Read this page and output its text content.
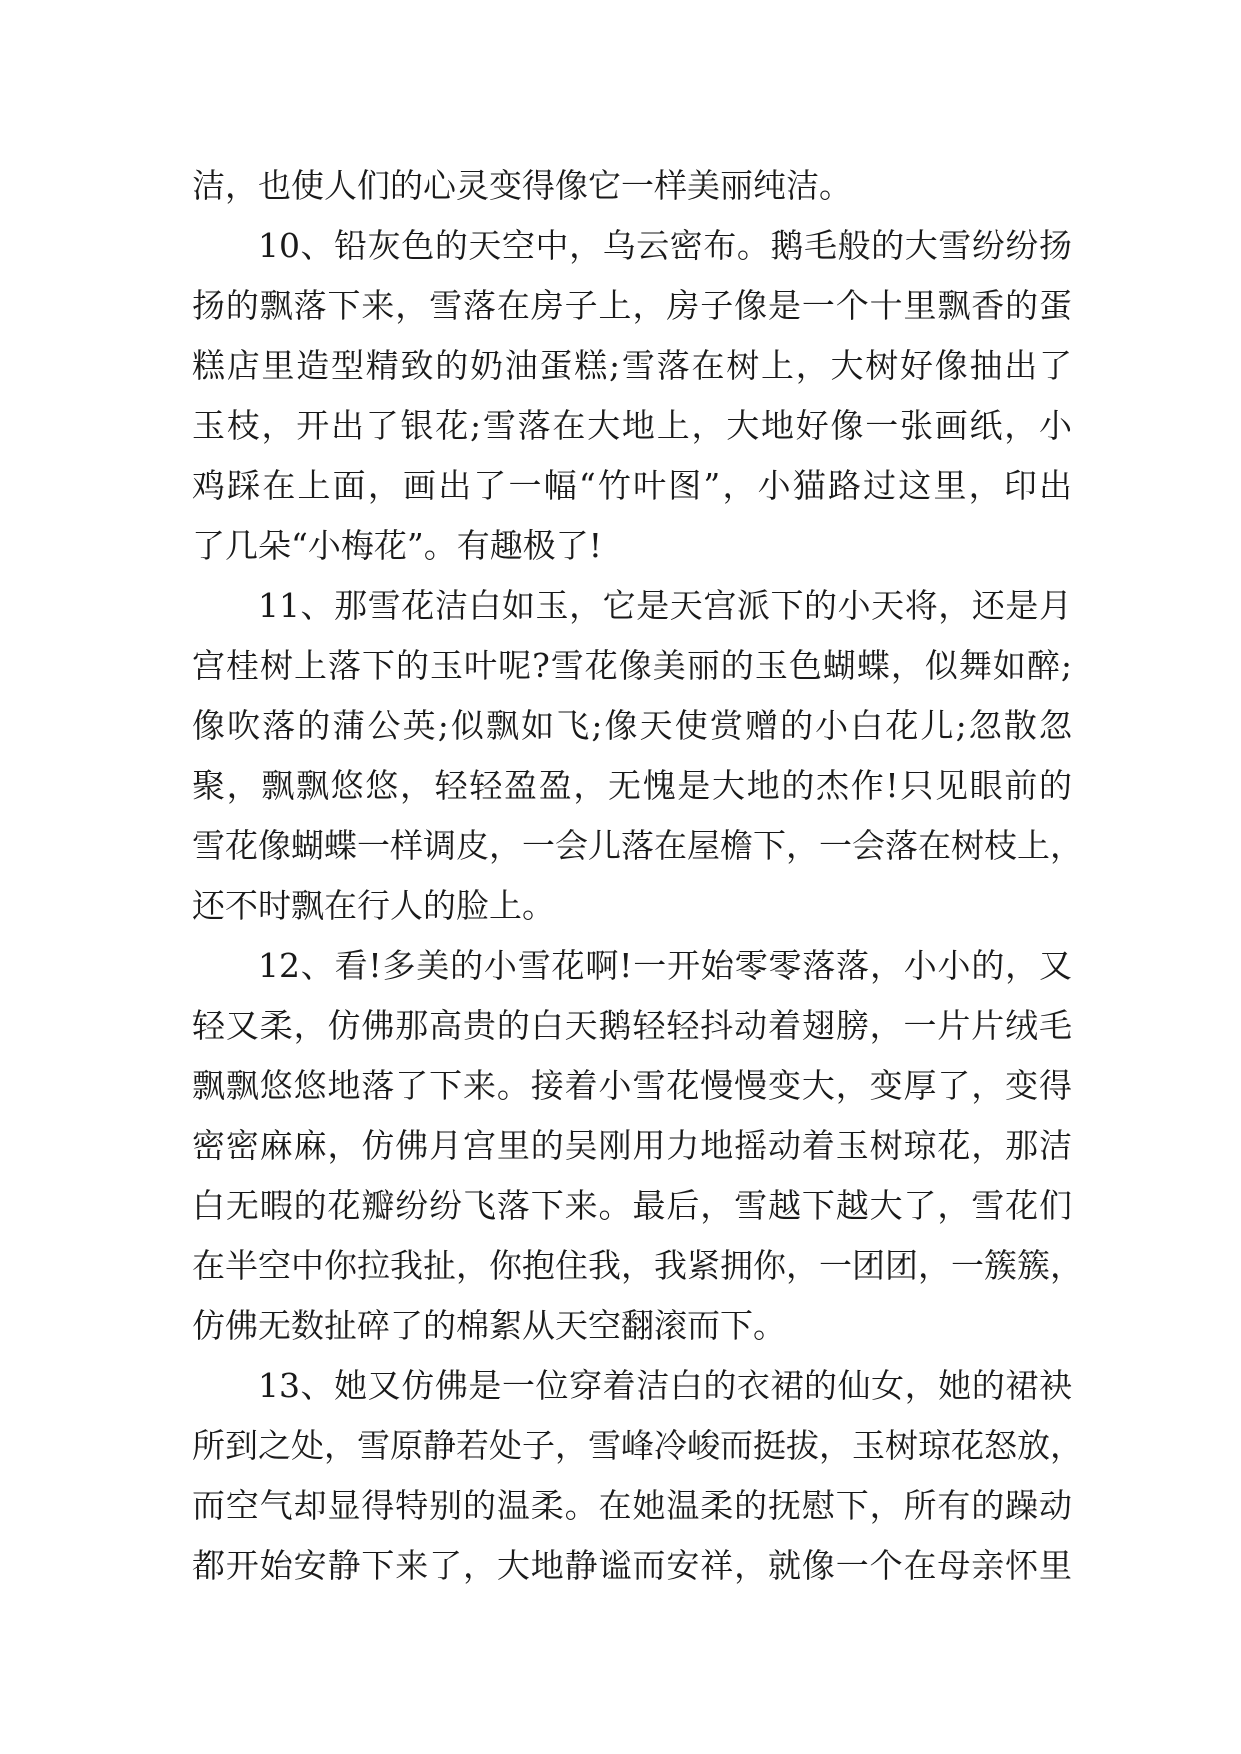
洁，也使人们的心灵变得像它一样美丽纯洁。
10、铅灰色的天空中，乌云密布。鹅毛般的大雪纷纷扬
扬的飘落下来，雪落在房子上，房子像是一个十里飘香的蛋
糕店里造型精致的奶油蛋糕;雪落在树上，大树好像抽出了
玉枝，开出了银花;雪落在大地上，大地好像一张画纸，小
鸡踩在上面，画出了一幅“竹叶图”，小猫路过这里，印出
了几朵“小梅花”。有趣极了!
11、那雪花洁白如玉，它是天宫派下的小天将，还是月
宫桂树上落下的玉叶呢?雪花像美丽的玉色蝴蝶，似舞如醉;
像吹落的蒲公英;似飘如飞;像天使赏赠的小白花儿;忽散忽
聚，飘飘悠悠，轻轻盈盈，无愧是大地的杰作!只见眼前的
雪花像蝴蝶一样调皮，一会儿落在屋檐下，一会落在树枝上，
还不时飘在行人的脸上。
12、看!多美的小雪花啊!一开始零零落落，小小的，又
轻又柔，仿佛那高贵的白天鹅轻轻抖动着翅膀，一片片绒毛
飘飘悠悠地落了下来。接着小雪花慢慢变大，变厚了，变得
密密麻麻，仿佛月宫里的吴刚用力地摇动着玉树琼花，那洁
白无暇的花瓣纷纷飞落下来。最后，雪越下越大了，雪花们
在半空中你拉我扯，你抱住我，我紧拥你，一团团，一簇簇，
仿佛无数扯碎了的棉絮从天空翻滚而下。
13、她又仿佛是一位穿着洁白的衣裙的仙女，她的裙袂
所到之处，雪原静若处子，雪峰冷峻而挺拔，玉树琼花怒放，
而空气却显得特别的温柔。在她温柔的抚慰下，所有的躁动
都开始安静下来了，大地静谧而安祥，就像一个在母亲怀里
